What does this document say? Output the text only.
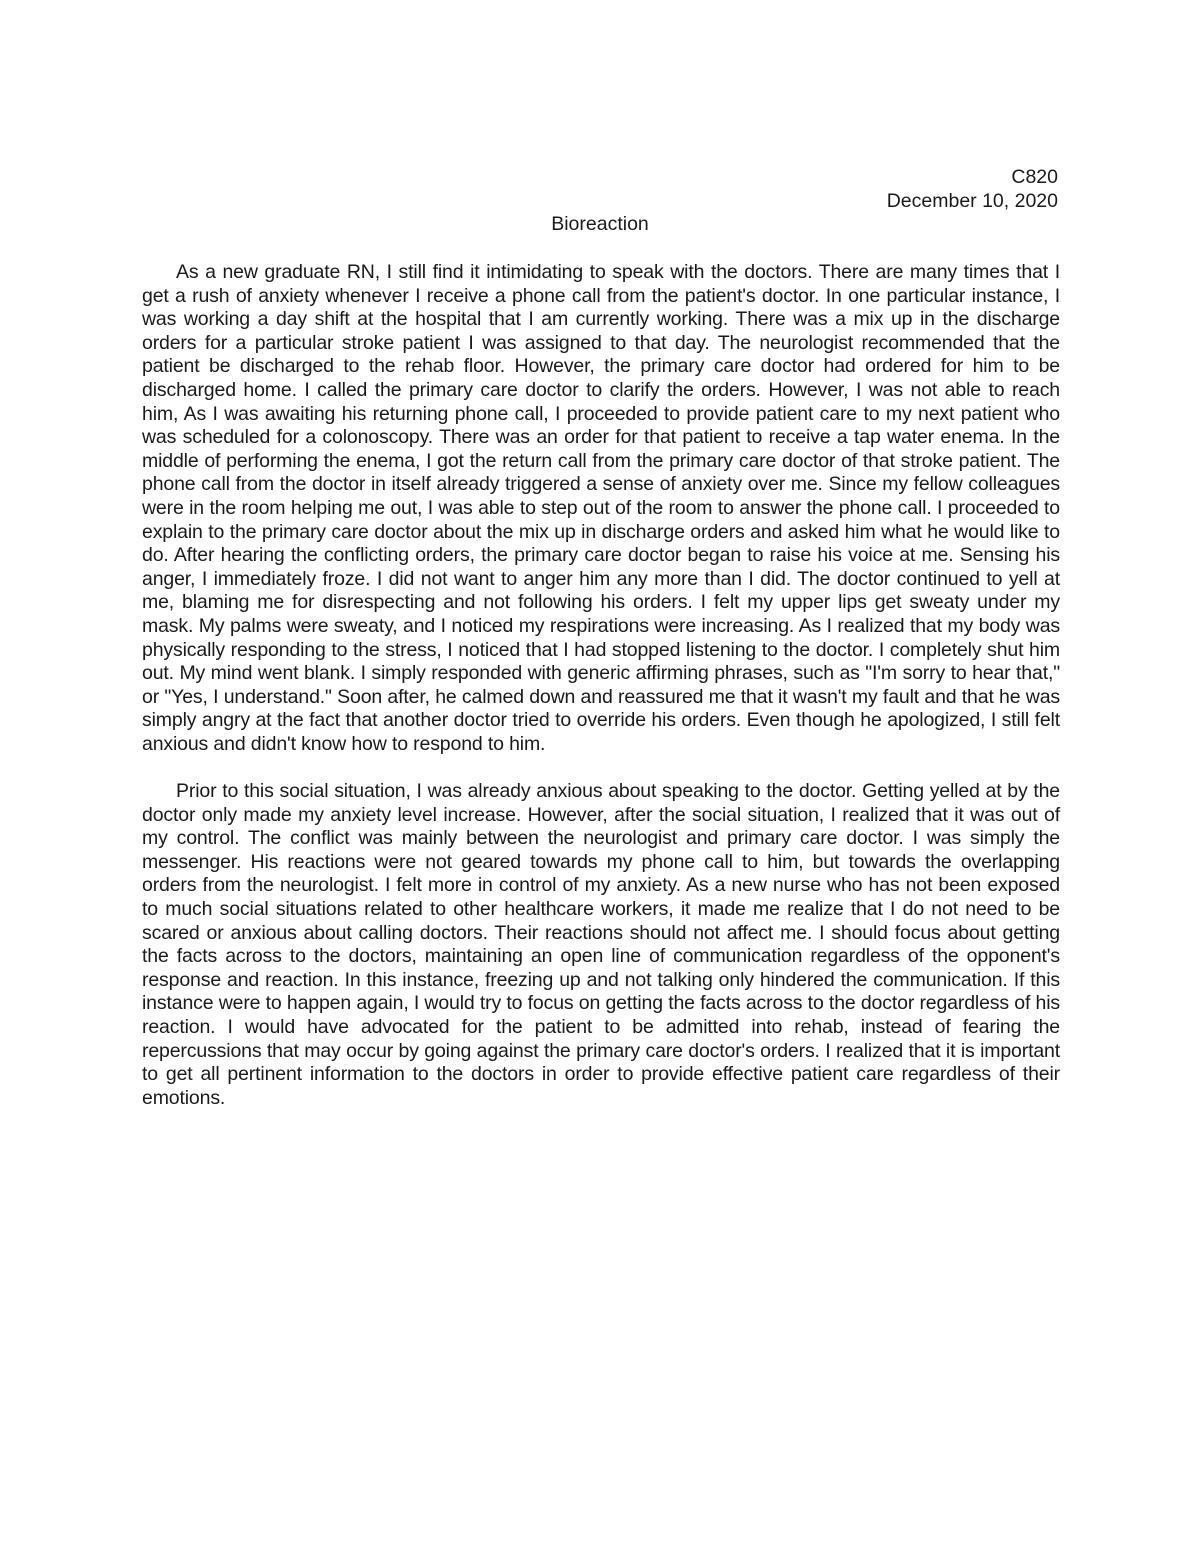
C820
December 10, 2020
Bioreaction

As a new graduate RN, I still find it intimidating to speak with the doctors. There are many times that I get a rush of anxiety whenever I receive a phone call from the patient's doctor. In one particular instance, I was working a day shift at the hospital that I am currently working. There was a mix up in the discharge orders for a particular stroke patient I was assigned to that day. The neurologist recommended that the patient be discharged to the rehab floor. However, the primary care doctor had ordered for him to be discharged home. I called the primary care doctor to clarify the orders. However, I was not able to reach him, As I was awaiting his returning phone call, I proceeded to provide patient care to my next patient who was scheduled for a colonoscopy. There was an order for that patient to receive a tap water enema. In the middle of performing the enema, I got the return call from the primary care doctor of that stroke patient. The phone call from the doctor in itself already triggered a sense of anxiety over me. Since my fellow colleagues were in the room helping me out, I was able to step out of the room to answer the phone call. I proceeded to explain to the primary care doctor about the mix up in discharge orders and asked him what he would like to do. After hearing the conflicting orders, the primary care doctor began to raise his voice at me. Sensing his anger, I immediately froze. I did not want to anger him any more than I did. The doctor continued to yell at me, blaming me for disrespecting and not following his orders. I felt my upper lips get sweaty under my mask. My palms were sweaty, and I noticed my respirations were increasing. As I realized that my body was physically responding to the stress, I noticed that I had stopped listening to the doctor. I completely shut him out. My mind went blank. I simply responded with generic affirming phrases, such as "I'm sorry to hear that," or "Yes, I understand." Soon after, he calmed down and reassured me that it wasn't my fault and that he was simply angry at the fact that another doctor tried to override his orders. Even though he apologized, I still felt anxious and didn't know how to respond to him.

Prior to this social situation, I was already anxious about speaking to the doctor. Getting yelled at by the doctor only made my anxiety level increase. However, after the social situation, I realized that it was out of my control. The conflict was mainly between the neurologist and primary care doctor. I was simply the messenger. His reactions were not geared towards my phone call to him, but towards the overlapping orders from the neurologist. I felt more in control of my anxiety. As a new nurse who has not been exposed to much social situations related to other healthcare workers, it made me realize that I do not need to be scared or anxious about calling doctors. Their reactions should not affect me. I should focus about getting the facts across to the doctors, maintaining an open line of communication regardless of the opponent's response and reaction. In this instance, freezing up and not talking only hindered the communication. If this instance were to happen again, I would try to focus on getting the facts across to the doctor regardless of his reaction. I would have advocated for the patient to be admitted into rehab, instead of fearing the repercussions that may occur by going against the primary care doctor's orders. I realized that it is important to get all pertinent information to the doctors in order to provide effective patient care regardless of their emotions.
